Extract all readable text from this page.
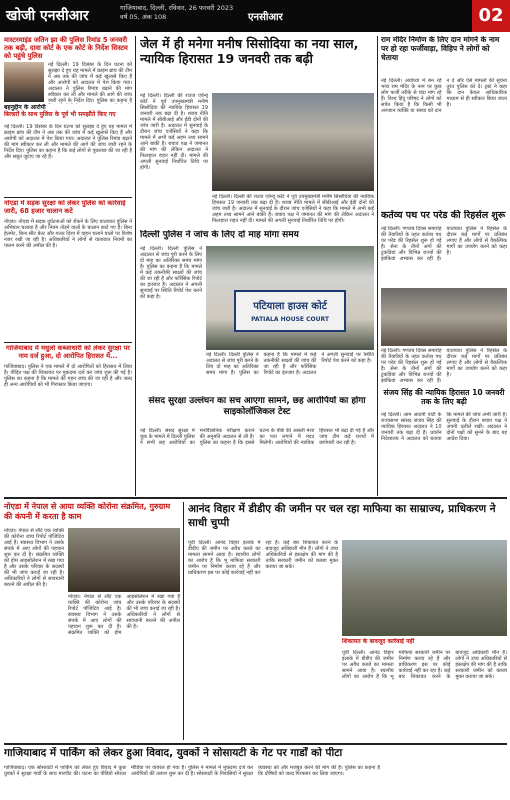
खोजी एनसीआर	गाजियाबाद, दिल्ली, रविवार, 26 फरवरी 2023
वर्ष 05, अंक 108	एनसीआर	02
मास्टरमाइंड जतिन झा की पुलिस रिमांड 5 जनवरी तक बढ़ी, दावा कोर्ट के एक कोर्ट के निर्देश सिस्टम को पहुंचे पुलिस
नई दिल्ली। 19 दिसंबर के दिन घटना को सुलझा दे हुए यह मामले में क्राइम ब्रांच की टीम ने अब तक की जांच में कई खुलासे किए हैं और आरोपी को अदालत में पेश किया गया। अदालत ने पुलिस रिमांड बढ़ाने की मांग स्वीकार कर ली और मामले की आगे की जांच जारी रहने के निर्देश दिए। पुलिस का कहना है
बहनुद्दीन के आरोपी
बिल्डरों के साथ पुलिस के पूर्व भी समझौते किए गए
नई दिल्ली। 19 दिसंबर के दिन घटना को सुलझा दे हुए यह मामले में क्राइम ब्रांच की टीम ने अब तक की जांच में कई खुलासे किए हैं और आरोपी को अदालत में पेश किया गया। अदालत ने पुलिस रिमांड बढ़ाने की मांग स्वीकार कर ली और मामले की आगे की जांच जारी रहने के निर्देश दिए। पुलिस का कहना है कि कई लोगों से पूछताछ की जा रही है और सबूत जुटाए जा रहे हैं।
नोएडा में सड़क सुरक्षा को लेकर पुलिस को कार्रवाई जारी, 68 हजार चालान कटे
नोएडा। नोएडा में सड़क दुर्घटनाओं को रोकने के लिए यातायात पुलिस ने अभियान चलाया है और नियम तोड़ने वालों के चालान काटे गए हैं। बिना हेलमेट, बिना सीट बेल्ट और गलत दिशा में वाहन चलाने वालों पर विशेष नजर रखी जा रही है। अधिकारियों ने लोगों से यातायात नियमों का पालन करने की अपील की है।
गाजियाबाद में मधुलो कब्जाधारी को लेकर सुरक्षा पर नाम दर्ज हुआ, दो आरोपित हिरासत में...
गाजियाबाद। पुलिस ने एक मामले में दो आरोपितों को हिरासत में लिया है। पीड़ित पक्ष की शिकायत पर मुकदमा दर्ज कर जांच शुरू की गई है। पुलिस का कहना है कि मामले की गहन जांच की जा रही है और जल्द ही अन्य आरोपियों को भी गिरफ्तार किया जाएगा।
जेल में ही मनेगा मनीष सिसोदिया का नया साल, न्यायिक हिरासत 19 जनवरी तक बढ़ी
नई दिल्ली। दिल्ली की राउज एवेन्यू कोर्ट ने पूर्व उपमुख्यमंत्री मनीष सिसोदिया की न्यायिक हिरासत 19 जनवरी तक बढ़ा दी है। शराब नीति मामले में सीबीआई और ईडी दोनों की जांच जारी है। अदालत में सुनवाई के दौरान जांच एजेंसियों ने कहा कि मामले में अभी कई अहम तथ्य सामने आने बाकी हैं। बचाव पक्ष ने जमानत की मांग की लेकिन अदालत ने फिलहाल राहत नहीं दी। मामले की अगली सुनवाई निर्धारित तिथि पर होगी।
नई दिल्ली। दिल्ली की राउज एवेन्यू कोर्ट ने पूर्व उपमुख्यमंत्री मनीष सिसोदिया की न्यायिक हिरासत 19 जनवरी तक बढ़ा दी है। शराब नीति मामले में सीबीआई और ईडी दोनों की जांच जारी है। अदालत में सुनवाई के दौरान जांच एजेंसियों ने कहा कि मामले में अभी कई अहम तथ्य सामने आने बाकी हैं। बचाव पक्ष ने जमानत की मांग की लेकिन अदालत ने फिलहाल राहत नहीं दी। मामले की अगली सुनवाई निर्धारित तिथि पर होगी।
दिल्ली पुलिस ने जांच के लिए दो माह मांगा समय
नई दिल्ली। दिल्ली पुलिस ने अदालत से जांच पूरी करने के लिए दो माह का अतिरिक्त समय मांगा है। पुलिस का कहना है कि मामले में कई तकनीकी साक्ष्यों की जांच की जा रही है और फॉरेंसिक रिपोर्ट का इंतजार है। अदालत ने अगली सुनवाई पर स्थिति रिपोर्ट पेश करने को कहा है।
पटियाला हाउस कोर्ट
PATIALA HOUSE COURT
नई दिल्ली। दिल्ली पुलिस ने अदालत से जांच पूरी करने के लिए दो माह का अतिरिक्त समय मांगा है। पुलिस का कहना है कि मामले में कई तकनीकी साक्ष्यों की जांच की जा रही है और फॉरेंसिक रिपोर्ट का इंतजार है। अदालत ने अगली सुनवाई पर स्थिति रिपोर्ट पेश करने को कहा है।
राम मंदिर निर्माण के लिए दान मांगने के नाम पर हो रहा फर्जीवाड़ा, विहिप ने लोगों को चेताया
नई दिल्ली। अयोध्या में बन रहे भव्य राम मंदिर के नाम पर कुछ लोग फर्जी तरीके से चंदा मांग रहे हैं। विश्व हिंदू परिषद ने लोगों को सचेत किया है कि किसी भी अनजान व्यक्ति या संस्था को दान न दें और ऐसे मामलों की सूचना तुरंत पुलिस को दें। ट्रस्ट ने कहा कि दान केवल आधिकारिक माध्यम से ही स्वीकार किया जाता है।
कर्तव्य पथ पर परेड की रिहर्सल शुरू
नई दिल्ली। गणतंत्र दिवस समारोह की तैयारियों के तहत कर्तव्य पथ पर परेड की रिहर्सल शुरू हो गई है। सेना के तीनों अंगों की टुकड़ियां और विभिन्न राज्यों की झांकियां अभ्यास कर रही हैं। यातायात पुलिस ने रिहर्सल के दौरान कई मार्गों पर प्रतिबंध लगाए हैं और लोगों से वैकल्पिक मार्गों का उपयोग करने को कहा है।
नई दिल्ली। गणतंत्र दिवस समारोह की तैयारियों के तहत कर्तव्य पथ पर परेड की रिहर्सल शुरू हो गई है। सेना के तीनों अंगों की टुकड़ियां और विभिन्न राज्यों की झांकियां अभ्यास कर रही हैं। यातायात पुलिस ने रिहर्सल के दौरान कई मार्गों पर प्रतिबंध लगाए हैं और लोगों से वैकल्पिक मार्गों का उपयोग करने को कहा है।
संजय सिंह की न्यायिक हिरासत 10 जनवरी तक के लिए बढ़ी
नई दिल्ली। आम आदमी पार्टी के राज्यसभा सांसद संजय सिंह की न्यायिक हिरासत अदालत ने 10 जनवरी तक बढ़ा दी है। प्रवर्तन निदेशालय ने अदालत को बताया कि मामले की जांच अभी जारी है। सुनवाई के दौरान बचाव पक्ष ने अपनी दलीलें रखीं। अदालत ने दोनों पक्षों को सुनने के बाद यह आदेश दिया।
संसद सुरक्षा उल्लंघन का सच आएगा सामने, छह आरोपियों का होगा साइकोलॉजिकल टेस्ट
नई दिल्ली। संसद सुरक्षा में चूक के मामले में दिल्ली पुलिस ने सभी छह आरोपियों का मनोवैज्ञानिक परीक्षण कराने की अनुमति अदालत से ली है। पुलिस का कहना है कि इससे घटना के पीछे की असली मंशा का पता लगाने में मदद मिलेगी। आरोपियों की न्यायिक हिरासत भी बढ़ा दी गई है और जांच टीम कई राज्यों में छापेमारी कर रही है।
नोएडा में नेपाल से आया व्यक्ति कोरोना संक्रमित, गुरुग्राम की कंपनी में करता है काम
नोएडा। नेपाल से लौटे एक व्यक्ति की कोरोना जांच रिपोर्ट पॉजिटिव आई है। स्वास्थ्य विभाग ने उसके संपर्क में आए लोगों की पहचान शुरू कर दी है। संक्रमित व्यक्ति को होम आइसोलेशन में रखा गया है और उसके परिवार के सदस्यों की भी जांच कराई जा रही है। अधिकारियों ने लोगों से सावधानी बरतने की अपील की है।
नोएडा। नेपाल से लौटे एक व्यक्ति की कोरोना जांच रिपोर्ट पॉजिटिव आई है। स्वास्थ्य विभाग ने उसके संपर्क में आए लोगों की पहचान शुरू कर दी है। संक्रमित व्यक्ति को होम आइसोलेशन में रखा गया है और उसके परिवार के सदस्यों की भी जांच कराई जा रही है। अधिकारियों ने लोगों से सावधानी बरतने की अपील की है।
आनंद विहार में डीडीए की जमीन पर चल रहा माफिया का साम्राज्य, प्राधिकरण ने साधी चुप्पी
पूर्वी दिल्ली। आनंद विहार इलाके में डीडीए की जमीन पर अवैध कब्जे का मामला सामने आया है। स्थानीय लोगों का आरोप है कि भू माफिया सरकारी जमीन पर निर्माण करवा रहे हैं और प्राधिकरण इस पर कोई कार्रवाई नहीं कर रहा है। कई बार शिकायत करने के बावजूद अधिकारी मौन हैं। लोगों ने उच्च अधिकारियों से हस्तक्षेप की मांग की है ताकि सरकारी जमीन को कब्जा मुक्त कराया जा सके।
शिकायत के बावजूद कार्रवाई नहीं
पूर्वी दिल्ली। आनंद विहार इलाके में डीडीए की जमीन पर अवैध कब्जे का मामला सामने आया है। स्थानीय लोगों का आरोप है कि भू माफिया सरकारी जमीन पर निर्माण करवा रहे हैं और प्राधिकरण इस पर कोई कार्रवाई नहीं कर रहा है। कई बार शिकायत करने के बावजूद अधिकारी मौन हैं। लोगों ने उच्च अधिकारियों से हस्तक्षेप की मांग की है ताकि सरकारी जमीन को कब्जा मुक्त कराया जा सके।
गाजियाबाद में पार्किंग को लेकर हुआ विवाद, युवकों ने सोसायटी के गेट पर गार्डों को पीटा
गाजियाबाद। एक सोसायटी में पार्किंग को लेकर हुए विवाद में कुछ युवकों ने सुरक्षा गार्डों के साथ मारपीट की। घटना का वीडियो सोशल मीडिया पर वायरल हो गया है। पुलिस ने मामले में मुकदमा दर्ज कर आरोपियों की तलाश शुरू कर दी है। सोसायटी के निवासियों ने सुरक्षा व्यवस्था को और मजबूत करने की मांग की है। पुलिस का कहना है कि दोषियों को जल्द गिरफ्तार कर लिया जाएगा।
